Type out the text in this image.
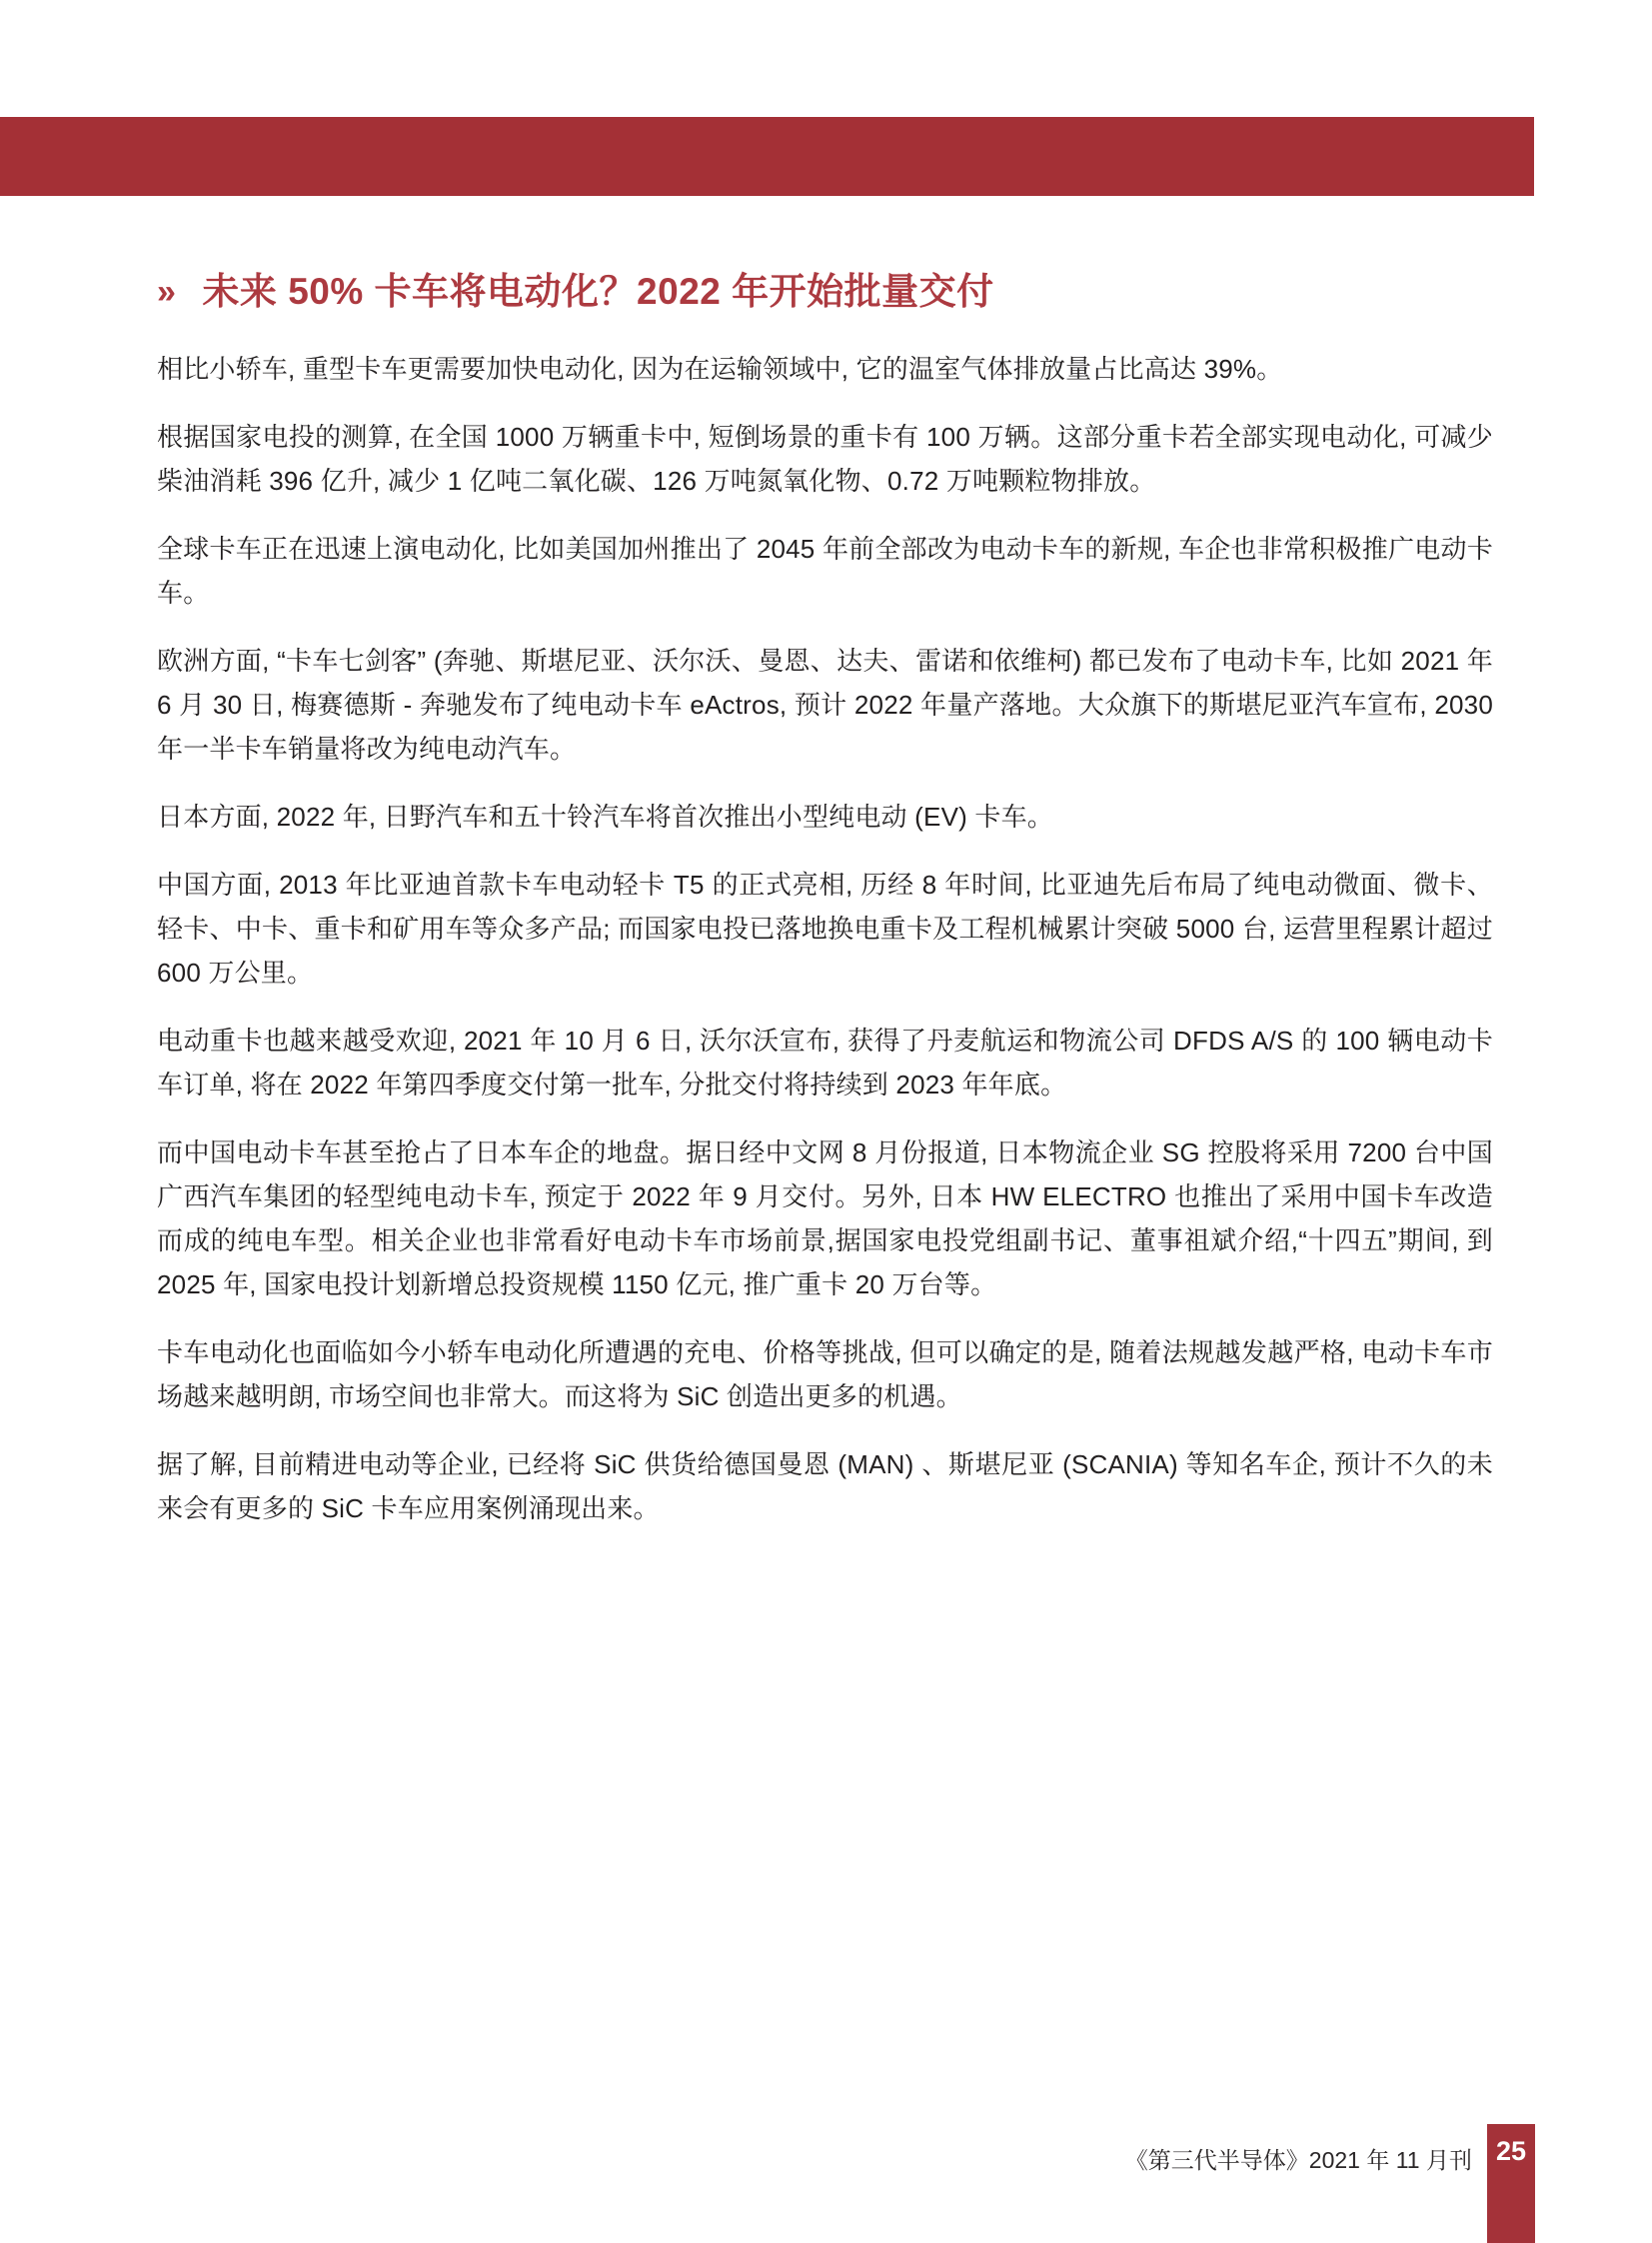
» 未来 50% 卡车将电动化？2022 年开始批量交付

相比小轿车, 重型卡车更需要加快电动化, 因为在运输领域中, 它的温室气体排放量占比高达 39%。

根据国家电投的测算, 在全国 1000 万辆重卡中, 短倒场景的重卡有 100 万辆。这部分重卡若全部实现电动化, 可减少柴油消耗 396 亿升, 减少 1 亿吨二氧化碳、126 万吨氮氧化物、0.72 万吨颗粒物排放。

全球卡车正在迅速上演电动化, 比如美国加州推出了 2045 年前全部改为电动卡车的新规, 车企也非常积极推广电动卡车。

欧洲方面, “卡车七剑客” (奔驰、斯堪尼亚、沃尔沃、曼恩、达夫、雷诺和依维柯) 都已发布了电动卡车, 比如 2021 年 6 月 30 日, 梅赛德斯 - 奔驰发布了纯电动卡车 eActros, 预计 2022 年量产落地。大众旗下的斯堪尼亚汽车宣布, 2030 年一半卡车销量将改为纯电动汽车。

日本方面, 2022 年, 日野汽车和五十铃汽车将首次推出小型纯电动 (EV) 卡车。

中国方面, 2013 年比亚迪首款卡车电动轻卡 T5 的正式亮相, 历经 8 年时间, 比亚迪先后布局了纯电动微面、微卡、轻卡、中卡、重卡和矿用车等众多产品; 而国家电投已落地换电重卡及工程机械累计突破 5000 台, 运营里程累计超过 600 万公里。

电动重卡也越来越受欢迎, 2021 年 10 月 6 日, 沃尔沃宣布, 获得了丹麦航运和物流公司 DFDS A/S 的 100 辆电动卡车订单, 将在 2022 年第四季度交付第一批车, 分批交付将持续到 2023 年年底。

而中国电动卡车甚至抢占了日本车企的地盘。据日经中文网 8 月份报道, 日本物流企业 SG 控股将采用 7200 台中国广西汽车集团的轻型纯电动卡车, 预定于 2022 年 9 月交付。另外, 日本 HW ELECTRO 也推出了采用中国卡车改造而成的纯电车型。相关企业也非常看好电动卡车市场前景,据国家电投党组副书记、董事祖斌介绍,“十四五”期间, 到 2025 年, 国家电投计划新增总投资规模 1150 亿元, 推广重卡 20 万台等。

卡车电动化也面临如今小轿车电动化所遭遇的充电、价格等挑战, 但可以确定的是, 随着法规越发越严格, 电动卡车市场越来越明朗, 市场空间也非常大。而这将为 SiC 创造出更多的机遇。

据了解, 目前精进电动等企业, 已经将 SiC 供货给德国曼恩 (MAN) 、斯堪尼亚 (SCANIA) 等知名车企, 预计不久的未来会有更多的 SiC 卡车应用案例涌现出来。

《第三代半导体》2021 年 11 月刊 25
